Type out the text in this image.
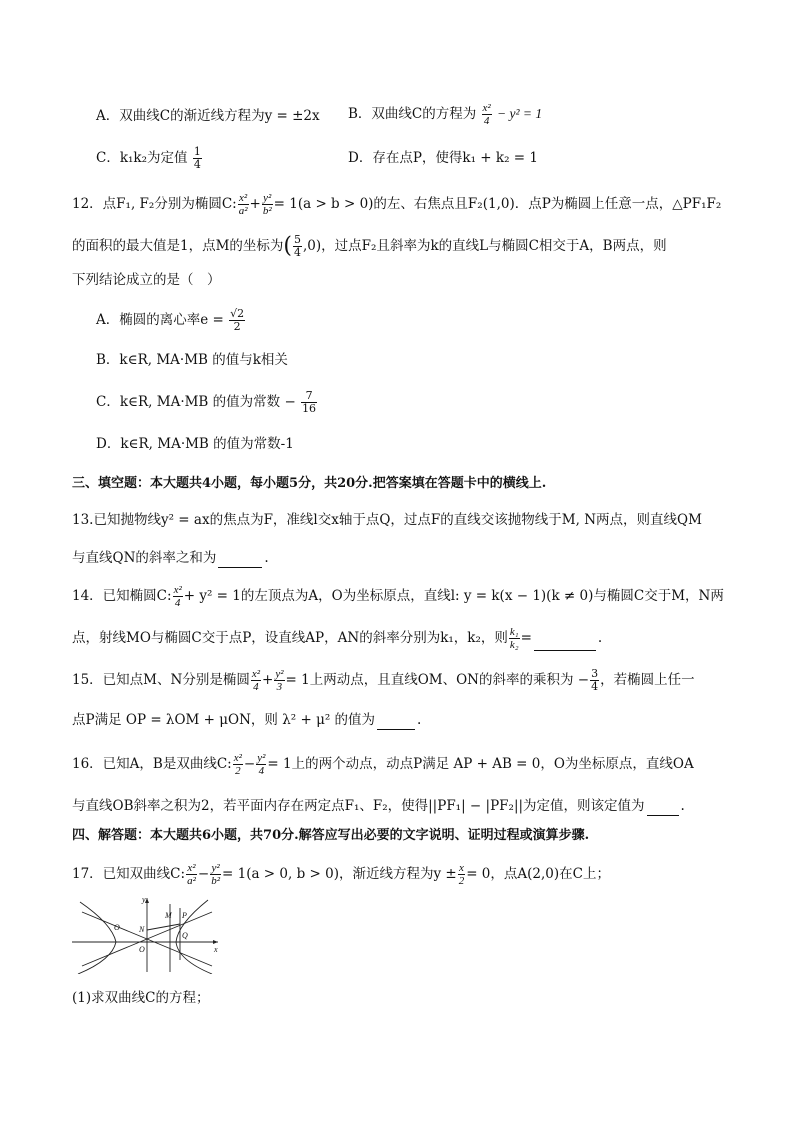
A．双曲线C的渐近线方程为y = ±2x B．双曲线C的方程为 $\frac{\text{x²}}{4} - y^2 = 1$
C．k₁k₂为定值 $\frac{1}{4}$	D．存在点P，使得k₁ + k₂ = 1
12．点F₁, F₂分别为椭圆C: $\frac{\text{x²}}{\text{a²}} + \frac{\text{y²}}{\text{b²}} = 1(a > b > 0)$的左、右焦点且F₂(1,0)．点P为椭圆上任意一点，△PF₁F₂
的面积的最大值是1，点M的坐标为( $\frac{5}{4} ,0$)，过点F₂且斜率为k的直线L与椭圆C相交于A，B两点，则
下列结论成立的是（　）
A．椭圆的离心率$e = \frac{√2}{2}$
B．k∈R, MA·MB 的值与k相关
C．k∈R, MA·MB 的值为常数 − $\frac{7}{16}$
D．k∈R, MA·MB 的值为常数-1
三、填空题：本大题共4小题，每小题5分，共20分.把答案填在答题卡中的横线上.
13.已知抛物线y² = ax的焦点为F，准线l交x轴于点Q，过点F的直线交该抛物线于M, N两点，则直线QM
与直线QN的斜率之和为	.
14．已知椭圆C: $\frac{\text{x²}}{4} + y^2 = 1$的左顶点为A，O为坐标原点，直线l: y = k(x − 1)(k ≠ 0)与椭圆C交于M，N两
点，射线MO与椭圆C交于点P，设直线AP，AN的斜率分别为k₁，k₂，则 $\frac{\text{k₁}}{\text{k₂}}$ =	.
15．已知点M、N分别是椭圆 $\frac{\text{x²}}{4} + \frac{\text{y²}}{3} = 1$上两动点，且直线OM、ON的斜率的乘积为 − $\frac{3}{4}$ ，若椭圆上任一
点P满足 OP = λOM + μON，则 λ² + μ² 的值为	.
16．已知A，B是双曲线C: $\frac{\text{x²}}{2} - \frac{\text{y²}}{4} = 1$上的两个动点，动点P满足 AP + AB = 0，O为坐标原点，直线OA
与直线OB斜率之积为2，若平面内存在两定点F₁、F₂，使得||PF₁| − |PF₂||为定值，则该定值为	.
四、解答题：本大题共6小题，共70分.解答应写出必要的文字说明、证明过程或演算步骤.
17．已知双曲线C: $\frac{\text{x²}}{\text{a²}} - \frac{\text{y²}}{\text{b²}} = 1(a > 0$, b > 0)，渐近线方程为$y \pm \frac{x}{2} = 0$，点A(2,0)在C上；
y
x
O
O
N
M P
Q
(1)求双曲线C的方程；
